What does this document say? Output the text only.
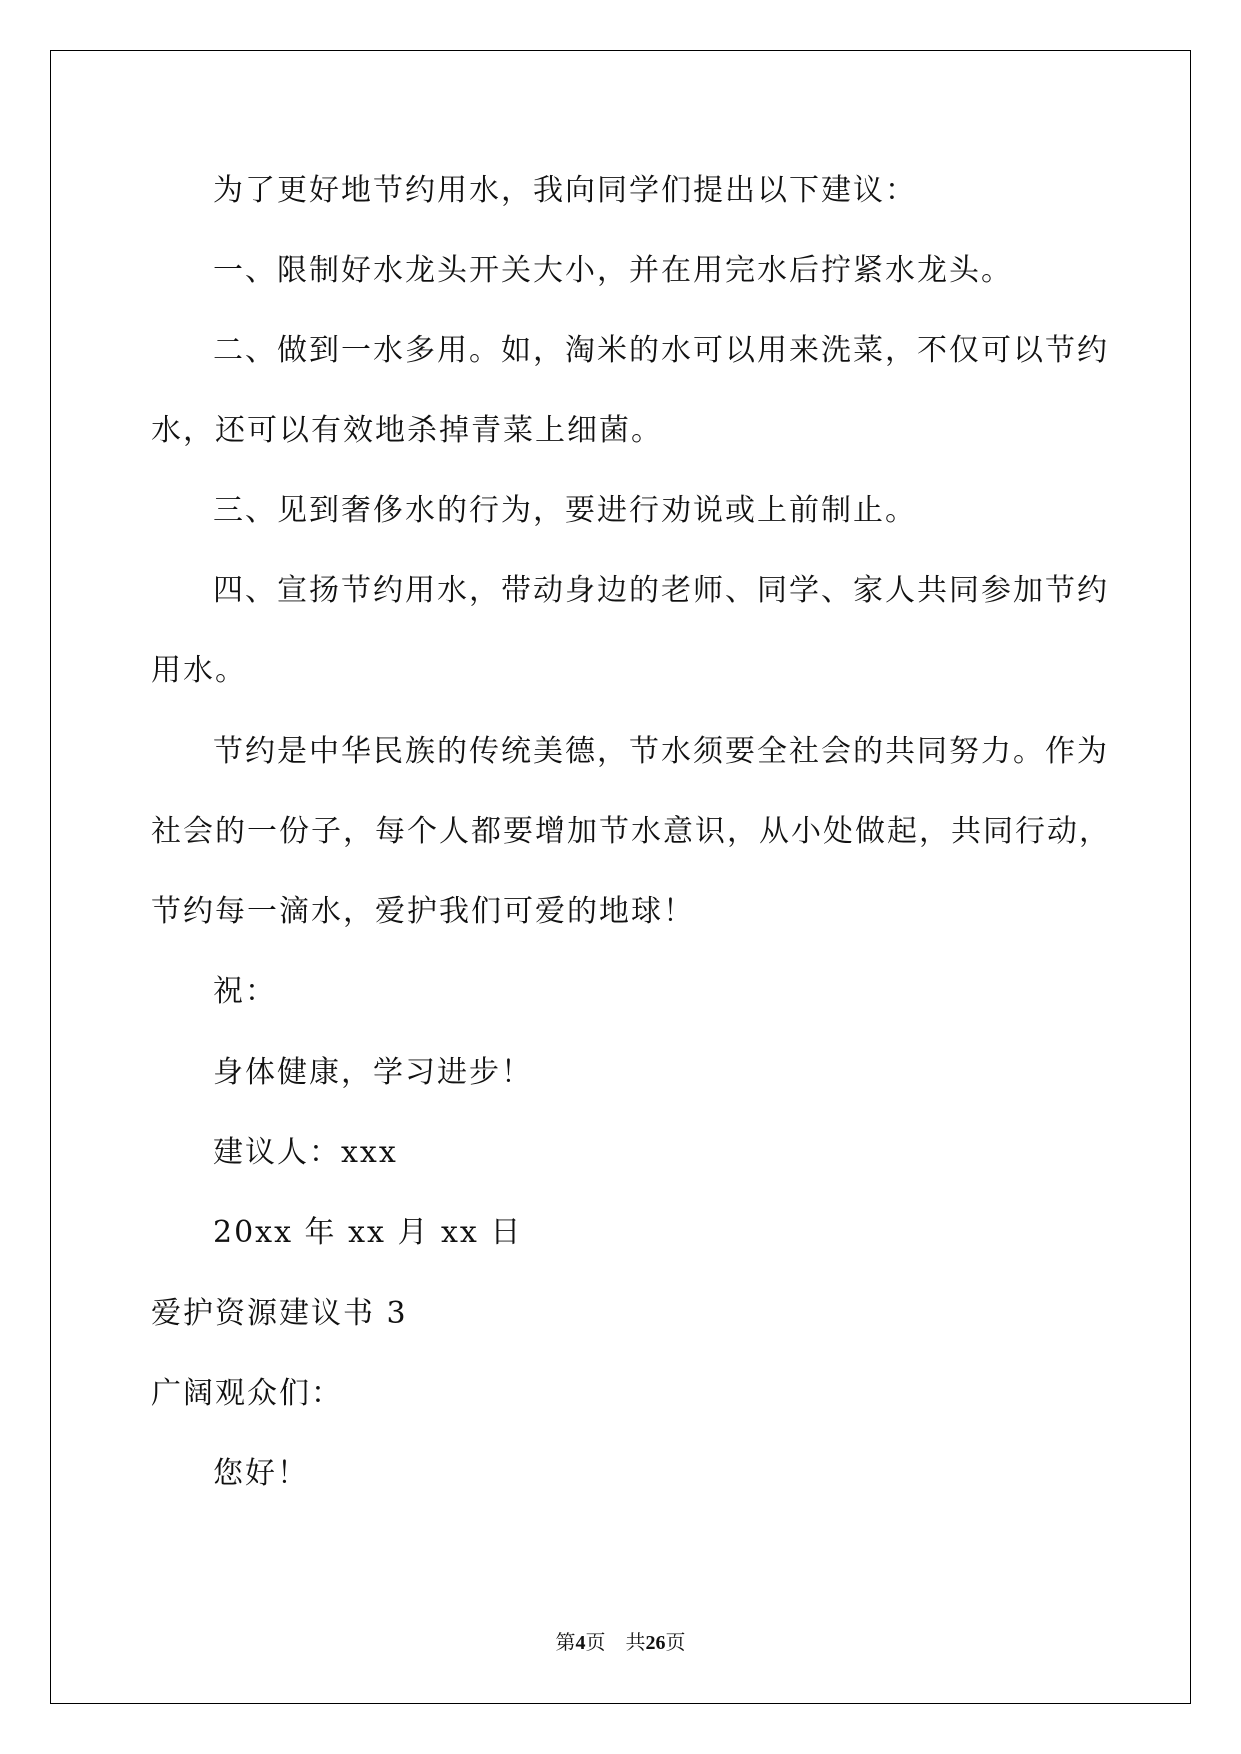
为了更好地节约用水，我向同学们提出以下建议：
一、限制好水龙头开关大小，并在用完水后拧紧水龙头。
二、做到一水多用。如，淘米的水可以用来洗菜，不仅可以节约
水，还可以有效地杀掉青菜上细菌。
三、见到奢侈水的行为，要进行劝说或上前制止。
四、宣扬节约用水，带动身边的老师、同学、家人共同参加节约
用水。
节约是中华民族的传统美德，节水须要全社会的共同努力。作为
社会的一份子，每个人都要增加节水意识，从小处做起，共同行动，
节约每一滴水，爱护我们可爱的地球！
祝：
身体健康，学习进步！
建议人：xxx
20xx 年 xx 月 xx 日
爱护资源建议书 3
广阔观众们：
您好！
第4页　共26页
